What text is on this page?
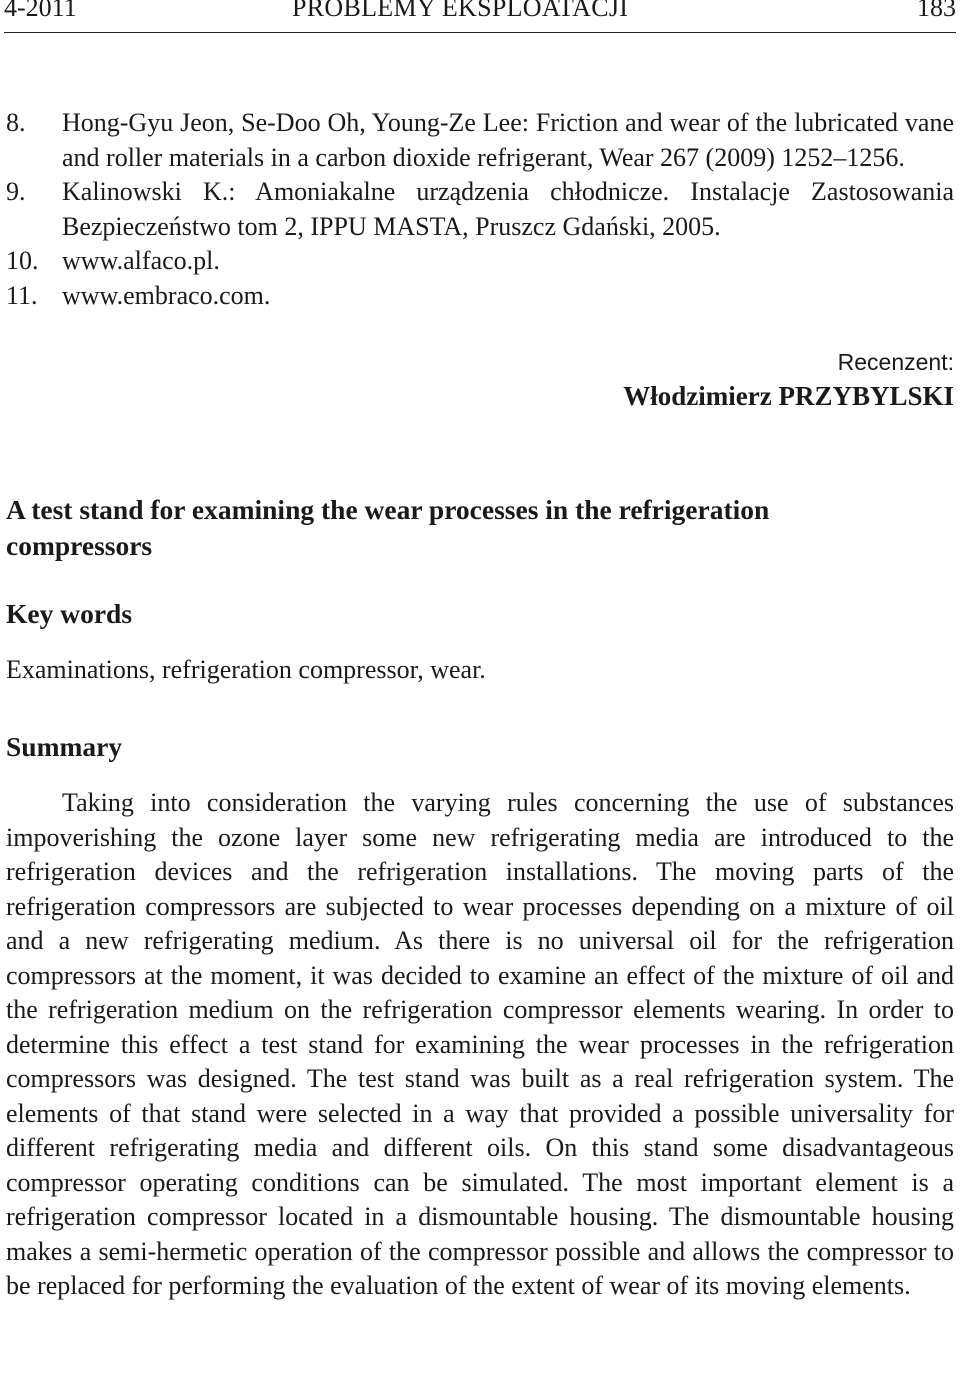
4-2011	PROBLEMY EKSPLOATACJI	183
8. Hong-Gyu Jeon, Se-Doo Oh, Young-Ze Lee: Friction and wear of the lubricated vane and roller materials in a carbon dioxide refrigerant, Wear 267 (2009) 1252–1256.
9. Kalinowski K.: Amoniakalne urządzenia chłodnicze. Instalacje Zastosowania Bezpieczeństwo tom 2, IPPU MASTA, Pruszcz Gdański, 2005.
10. www.alfaco.pl.
11. www.embraco.com.
Recenzent:
Włodzimierz PRZYBYLSKI
A test stand for examining the wear processes in the refrigeration compressors
Key words
Examinations, refrigeration compressor, wear.
Summary
Taking into consideration the varying rules concerning the use of substances impoverishing the ozone layer some new refrigerating media are introduced to the refrigeration devices and the refrigeration installations. The moving parts of the refrigeration compressors are subjected to wear processes depending on a mixture of oil and a new refrigerating medium. As there is no universal oil for the refrigeration compressors at the moment, it was decided to examine an effect of the mixture of oil and the refrigeration medium on the refrigeration compressor elements wearing. In order to determine this effect a test stand for examining the wear processes in the refrigeration compressors was designed. The test stand was built as a real refrigeration system. The elements of that stand were selected in a way that provided a possible universality for different refrigerating media and different oils. On this stand some disadvantageous compressor operating conditions can be simulated. The most important element is a refrigeration compressor located in a dismountable housing. The dismountable housing makes a semi-hermetic operation of the compressor possible and allows the compressor to be replaced for performing the evaluation of the extent of wear of its moving elements.
